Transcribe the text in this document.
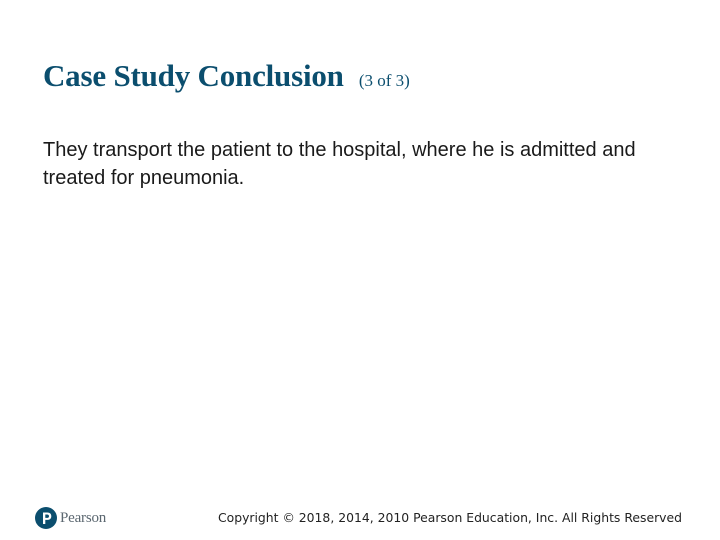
Case Study Conclusion (3 of 3)

They transport the patient to the hospital, where he is admitted and treated for pneumonia.

Pearson	Copyright © 2018, 2014, 2010 Pearson Education, Inc. All Rights Reserved
